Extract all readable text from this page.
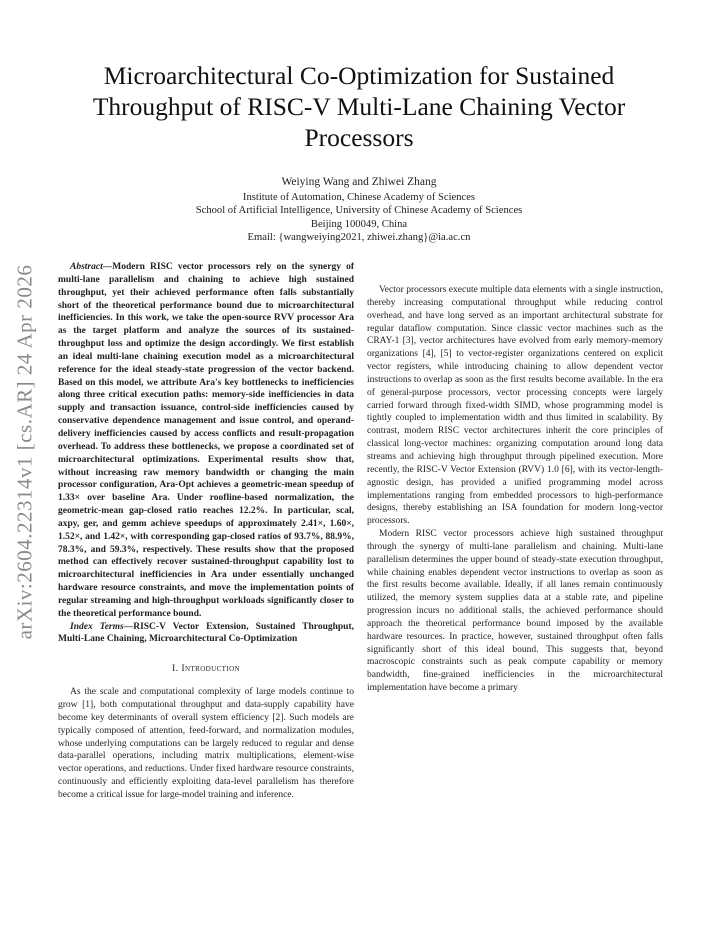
arXiv:2604.22314v1 [cs.AR] 24 Apr 2026
Microarchitectural Co-Optimization for Sustained Throughput of RISC-V Multi-Lane Chaining Vector Processors
Weiying Wang and Zhiwei Zhang
Institute of Automation, Chinese Academy of Sciences
School of Artificial Intelligence, University of Chinese Academy of Sciences
Beijing 100049, China
Email: {wangweiying2021, zhiwei.zhang}@ia.ac.cn

Abstract—Modern RISC vector processors rely on the synergy of multi-lane parallelism and chaining to achieve high sustained throughput, yet their achieved performance often falls substantially short of the theoretical performance bound due to microarchitectural inefficiencies. In this work, we take the open-source RVV processor Ara as the target platform and analyze the sources of its sustained-throughput loss and optimize the design accordingly. We first establish an ideal multi-lane chaining execution model as a microarchitectural reference for the ideal steady-state progression of the vector backend. Based on this model, we attribute Ara's key bottlenecks to inefficiencies along three critical execution paths: memory-side inefficiencies in data supply and transaction issuance, control-side inefficiencies caused by conservative dependence management and issue control, and operand-delivery inefficiencies caused by access conflicts and result-propagation overhead. To address these bottlenecks, we propose a coordinated set of microarchitectural optimizations. Experimental results show that, without increasing raw memory bandwidth or changing the main processor configuration, Ara-Opt achieves a geometric-mean speedup of 1.33× over baseline Ara. Under roofline-based normalization, the geometric-mean gap-closed ratio reaches 12.2%. In particular, scal, axpy, ger, and gemm achieve speedups of approximately 2.41×, 1.60×, 1.52×, and 1.42×, with corresponding gap-closed ratios of 93.7%, 88.9%, 78.3%, and 59.3%, respectively. These results show that the proposed method can effectively recover sustained-throughput capability lost to microarchitectural inefficiencies in Ara under essentially unchanged hardware resource constraints, and move the implementation points of regular streaming and high-throughput workloads significantly closer to the theoretical performance bound.

Index Terms—RISC-V Vector Extension, Sustained Throughput, Multi-Lane Chaining, Microarchitectural Co-Optimization

I. Introduction

As the scale and computational complexity of large models continue to grow [1], both computational throughput and data-supply capability have become key determinants of overall system efficiency [2]. Such models are typically composed of attention, feed-forward, and normalization modules, whose underlying computations can be largely reduced to regular and dense data-parallel operations, including matrix multiplications, element-wise vector operations, and reductions. Under fixed hardware resource constraints, continuously and efficiently exploiting data-level parallelism has therefore become a critical issue for large-model training and inference.

Vector processors execute multiple data elements with a single instruction, thereby increasing computational throughput while reducing control overhead, and have long served as an important architectural substrate for regular dataflow computation. Since classic vector machines such as the CRAY-1 [3], vector architectures have evolved from early memory-memory organizations [4], [5] to vector-register organizations centered on explicit vector registers, while introducing chaining to allow dependent vector instructions to overlap as soon as the first results become available. In the era of general-purpose processors, vector processing concepts were largely carried forward through fixed-width SIMD, whose programming model is tightly coupled to implementation width and thus limited in scalability. By contrast, modern RISC vector architectures inherit the core principles of classical long-vector machines: organizing computation around long data streams and achieving high throughput through pipelined execution. More recently, the RISC-V Vector Extension (RVV) 1.0 [6], with its vector-length-agnostic design, has provided a unified programming model across implementations ranging from embedded processors to high-performance designs, thereby establishing an ISA foundation for modern long-vector processors.

Modern RISC vector processors achieve high sustained throughput through the synergy of multi-lane parallelism and chaining. Multi-lane parallelism determines the upper bound of steady-state execution throughput, while chaining enables dependent vector instructions to overlap as soon as the first results become available. Ideally, if all lanes remain continuously utilized, the memory system supplies data at a stable rate, and pipeline progression incurs no additional stalls, the achieved performance should approach the theoretical performance bound imposed by the available hardware resources. In practice, however, sustained throughput often falls significantly short of this ideal bound. This suggests that, beyond macroscopic constraints such as peak compute capability or memory bandwidth, fine-grained inefficiencies in the microarchitectural implementation have become a primary
